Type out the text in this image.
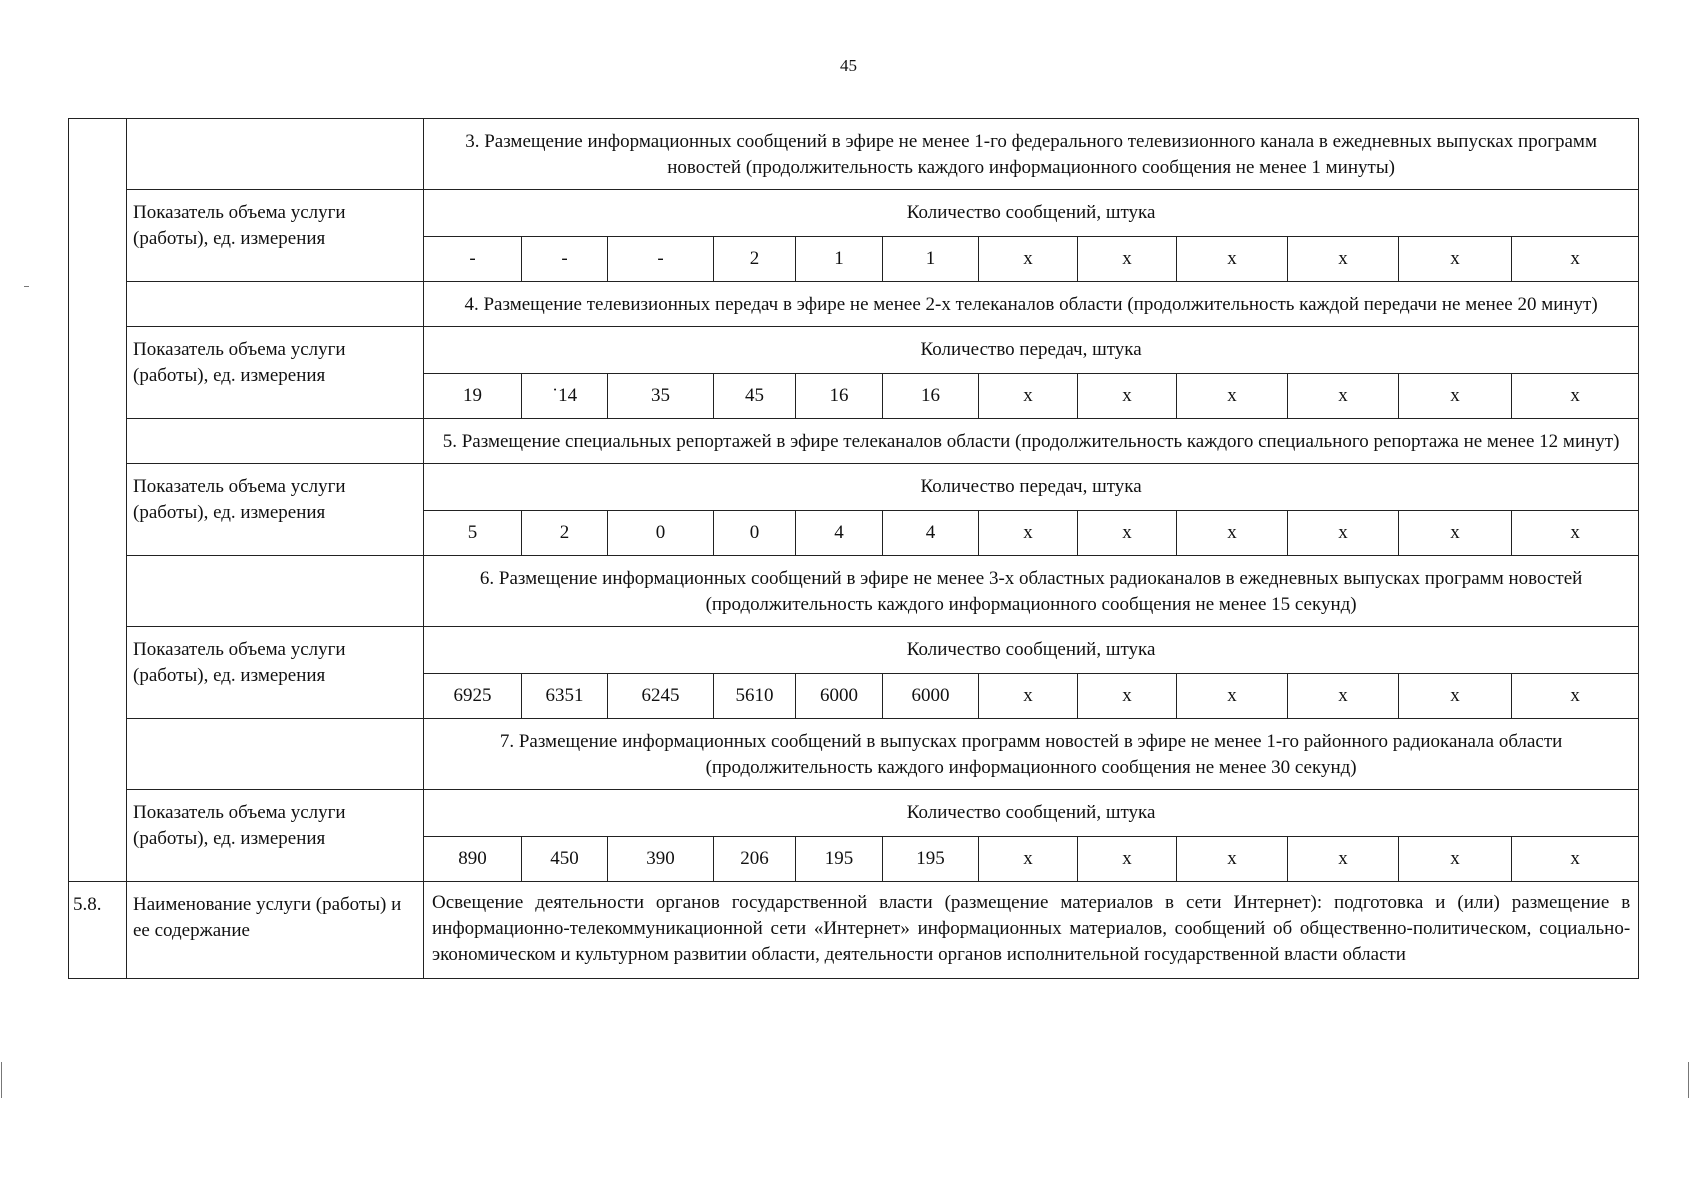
45
		3. Размещение информационных сообщений в эфире не менее 1-го федерального телевизионного канала в ежедневных выпусках программ новостей (продолжительность каждого информационного сообщения не менее 1 минуты)											
	Показатель объема услуги (работы), ед. измерения	Количество сообщений, штука											
		-	-	-	2	1	1	x	x	x	x	x	x
		4. Размещение телевизионных передач в эфире не менее 2-х телеканалов области (продолжительность каждой передачи не менее 20 минут)											
	Показатель объема услуги (работы), ед. измерения	Количество передач, штука											
		19	˙14	35	45	16	16	x	x	x	x	x	x
		5. Размещение специальных репортажей в эфире телеканалов области (продолжительность каждого специального репортажа не менее 12 минут)											
	Показатель объема услуги (работы), ед. измерения	Количество передач, штука											
		5	2	0	0	4	4	x	x	x	x	x	x
		6. Размещение информационных сообщений в эфире не менее 3-х областных радиоканалов в ежедневных выпусках программ новостей (продолжительность каждого информационного сообщения не менее 15 секунд)											
	Показатель объема услуги (работы), ед. измерения	Количество сообщений, штука											
		6925	6351	6245	5610	6000	6000	x	x	x	x	x	x
		7. Размещение информационных сообщений в выпусках программ новостей в эфире не менее 1-го районного радиоканала области (продолжительность каждого информационного сообщения не менее 30 секунд)											
	Показатель объема услуги (работы), ед. измерения	Количество сообщений, штука											
		890	450	390	206	195	195	x	x	x	x	x	x
5.8.	Наименование услуги (работы) и ее содержание	Освещение деятельности органов государственной власти (размещение материалов в сети Интернет): подготовка и (или) размещение в информационно-телекоммуникационной сети «Интернет» информационных материалов, сообщений об общественно-политическом, социально-экономическом и культурном развитии области, деятельности органов исполнительной государственной власти области											
